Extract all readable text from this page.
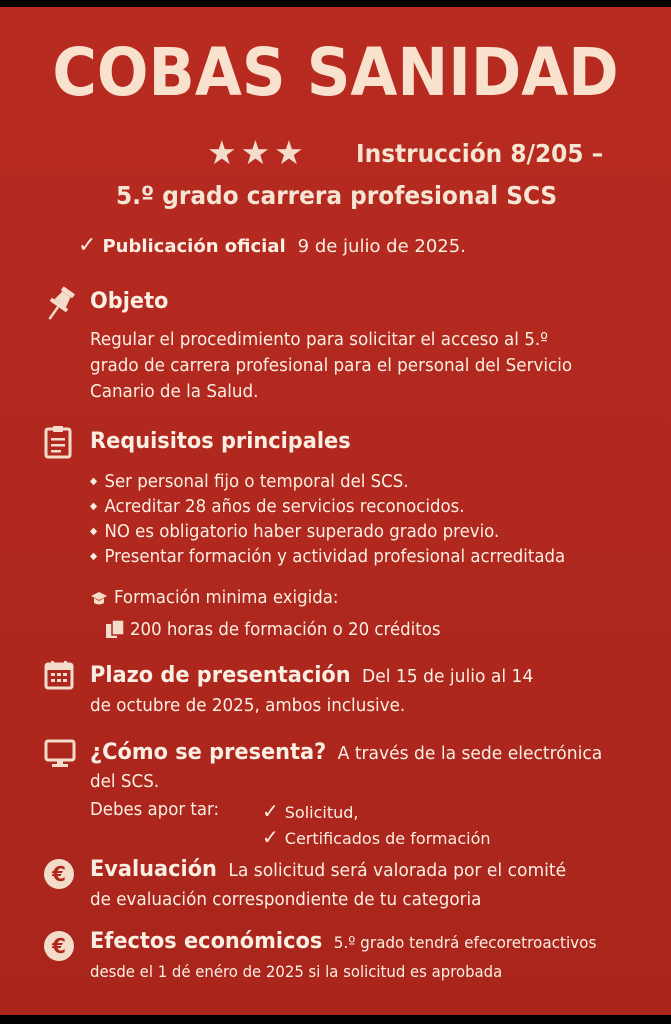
COBAS SANIDAD
★★★ Instrucción 8/205 –
5.º grado carrera profesional SCS
✓ Publicación oficial 9 de julio de 2025.
Objeto
Regular el procedimiento para solicitar el acceso al 5.º
grado de carrera profesional para el personal del Servicio
Canario de la Salud.
Requisitos principales
◆ Ser personal fijo o temporal del SCS.
◆ Acreditar 28 años de servicios reconocidos.
◆ NO es obligatorio haber superado grado previo.
◆ Presentar formación y actividad profesional acrreditada
Formación minima exigida:
200 horas de formación o 20 créditos
Plazo de presentación Del 15 de julio al 14
de octubre de 2025, ambos inclusive.
¿Cómo se presenta? A través de la sede electrónica
del SCS.
Debes apor tar: ✓ Solicitud,
✓ Certificados de formación
€	Evaluación La solicitud será valorada por el comité
de evaluación correspondiente de tu categoria
€	Efectos económicos 5.º grado tendrá efecoretroactivos
desde el 1 dé enéro de 2025 si la solicitud es aprobada
